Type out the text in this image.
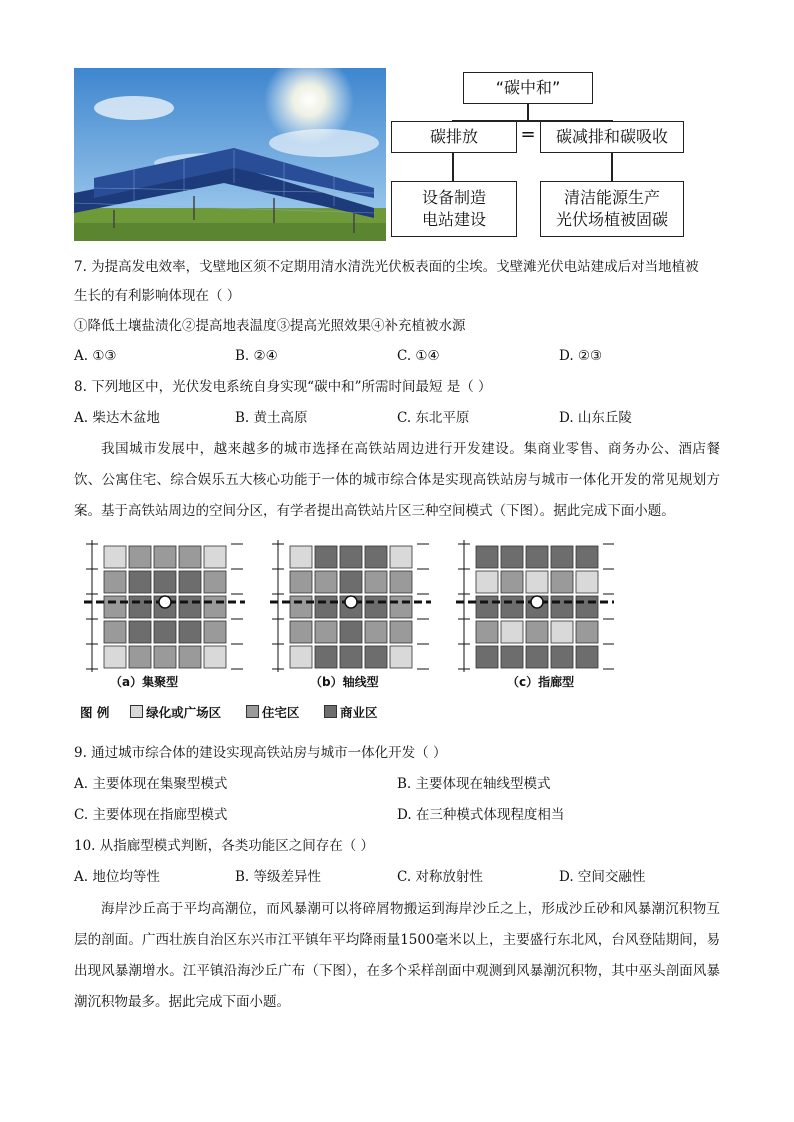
“碳中和”
碳排放 = 碳减排和碳吸收
设备制造
电站建设
清洁能源生产
光伏场植被固碳
7. 为提高发电效率，戈壁地区须不定期用清水清洗光伏板表面的尘埃。戈壁滩光伏电站建成后对当地植被
生长的有利影响体现在（ ）
①降低土壤盐渍化②提高地表温度③提高光照效果④补充植被水源
A. ①③	B. ②④	C. ①④	D. ②③
8. 下列地区中，光伏发电系统自身实现“碳中和”所需时间最短 是（ ）
A. 柴达木盆地	B. 黄土高原	C. 东北平原	D. 山东丘陵
我国城市发展中，越来越多的城市选择在高铁站周边进行开发建设。集商业零售、商务办公、酒店餐饮、公寓住宅、综合娱乐五大核心功能于一体的城市综合体是实现高铁站房与城市一体化开发的常见规划方案。基于高铁站周边的空间分区，有学者提出高铁站片区三种空间模式（下图）。据此完成下面小题。
（a）集聚型	（b）轴线型	（c）指廊型
图 例	绿化或广场区	住宅区	商业区
9. 通过城市综合体的建设实现高铁站房与城市一体化开发（ ）
A. 主要体现在集聚型模式	B. 主要体现在轴线型模式
C. 主要体现在指廊型模式	D. 在三种模式体现程度相当
10. 从指廊型模式判断，各类功能区之间存在（ ）
A. 地位均等性	B. 等级差异性	C. 对称放射性	D. 空间交融性
海岸沙丘高于平均高潮位，而风暴潮可以将碎屑物搬运到海岸沙丘之上，形成沙丘砂和风暴潮沉积物互层的剖面。广西壮族自治区东兴市江平镇年平均降雨量1500毫米以上，主要盛行东北风，台风登陆期间，易出现风暴潮增水。江平镇沿海沙丘广布（下图），在多个采样剖面中观测到风暴潮沉积物，其中巫头剖面风暴潮沉积物最多。据此完成下面小题。
